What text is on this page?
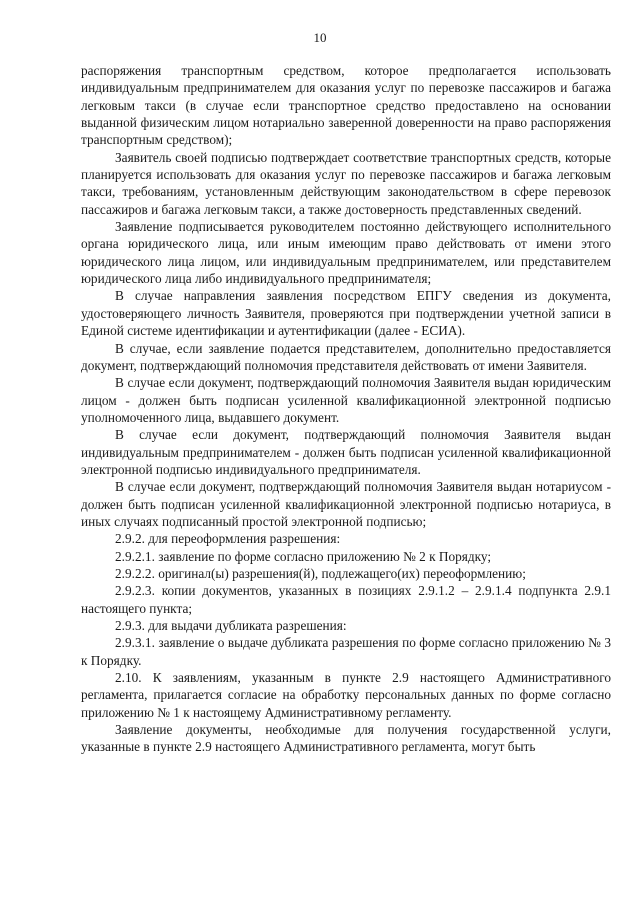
10

распоряжения транспортным средством, которое предполагается использовать индивидуальным предпринимателем для оказания услуг по перевозке пассажиров и багажа легковым такси (в случае если транспортное средство предоставлено на основании выданной физическим лицом нотариально заверенной доверенности на право распоряжения транспортным средством);

Заявитель своей подписью подтверждает соответствие транспортных средств, которые планируется использовать для оказания услуг по перевозке пассажиров и багажа легковым такси, требованиям, установленным действующим законодательством в сфере перевозок пассажиров и багажа легковым такси, а также достоверность представленных сведений.

Заявление подписывается руководителем постоянно действующего исполнительного органа юридического лица, или иным имеющим право действовать от имени этого юридического лица лицом, или индивидуальным предпринимателем, или представителем юридического лица либо индивидуального предпринимателя;

В случае направления заявления посредством ЕПГУ сведения из документа, удостоверяющего личность Заявителя, проверяются при подтверждении учетной записи в Единой системе идентификации и аутентификации (далее - ЕСИА).

В случае, если заявление подается представителем, дополнительно предоставляется документ, подтверждающий полномочия представителя действовать от имени Заявителя.

В случае если документ, подтверждающий полномочия Заявителя выдан юридическим лицом - должен быть подписан усиленной квалификационной электронной подписью уполномоченного лица, выдавшего документ.

В случае если документ, подтверждающий полномочия Заявителя выдан индивидуальным предпринимателем - должен быть подписан усиленной квалификационной электронной подписью индивидуального предпринимателя.

В случае если документ, подтверждающий полномочия Заявителя выдан нотариусом - должен быть подписан усиленной квалификационной электронной подписью нотариуса, в иных случаях подписанный простой электронной подписью;

2.9.2. для переоформления разрешения:

2.9.2.1. заявление по форме согласно приложению № 2 к Порядку;

2.9.2.2. оригинал(ы) разрешения(й), подлежащего(их) переоформлению;

2.9.2.3. копии документов, указанных в позициях 2.9.1.2 – 2.9.1.4 подпункта 2.9.1 настоящего пункта;

2.9.3. для выдачи дубликата разрешения:

2.9.3.1. заявление о выдаче дубликата разрешения по форме согласно приложению № 3 к Порядку.

2.10. К заявлениям, указанным в пункте 2.9 настоящего Административного регламента, прилагается согласие на обработку персональных данных по форме согласно приложению № 1 к настоящему Административному регламенту.

Заявление документы, необходимые для получения государственной услуги, указанные в пункте 2.9 настоящего Административного регламента, могут быть
